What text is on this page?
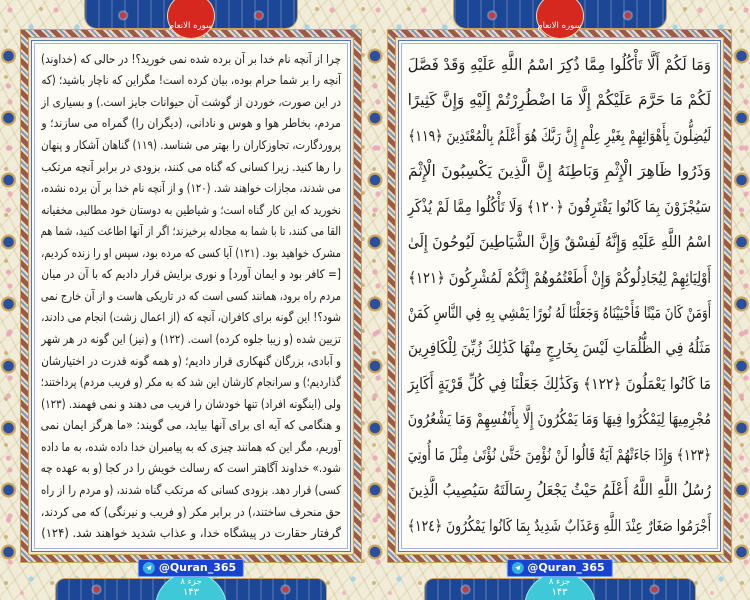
سوره الانعام
چرا از آنچه نام خدا بر آن برده شده نمی خورید؟! در حالی که (خداوند)
آنچه را بر شما حرام بوده، بیان کرده است! مگراین که ناچار باشید؛ (که
در این صورت، خوردن از گوشت آن حیوانات جایز است.) و بسیاری از
مردم، بخاطر هوا و هوس و نادانی، (دیگران را) گمراه می سازند؛ و
پروردگارت، تجاوزکاران را بهتر می شناسد. (۱۱۹) گناهان آشکار و پنهان
را رها کنید. زیرا کسانی که گناه می کنند، بزودی در برابر آنچه مرتکب
می شدند، مجازات خواهند شد. (۱۲۰) و از آنچه نام خدا بر آن برده نشده،
نخورید که این کار گناه است؛ و شیاطین به دوستان خود مطالبی مخفیانه
القا می کنند، تا با شما به مجادله برخیزند؛ اگر از آنها اطاعت کنید، شما هم
مشرک خواهید بود. (۱۲۱) آیا کسی که مرده بود، سپس او را زنده کردیم،
[= کافر بود و ایمان آورد] و نوری برایش قرار دادیم که با آن در میان
مردم راه برود، همانند کسی است که در تاریکی هاست و از آن خارج نمی
شود؟! این گونه برای کافران، آنچه که (از اعمال زشت) انجام می دادند،
تزیین شده (و زیبا جلوه کرده) است. (۱۲۲) و (نیز) این گونه در هر شهر
و آبادی، بزرگان گنهکاری قرار دادیم؛ (و همه گونه قدرت در اختیارشان
گذاردیم؛) و سرانجام کارشان این شد که به مکر (و فریب مردم) پرداختند؛
ولی (اینگونه افراد) تنها خودشان را فریب می دهند و نمی فهمند. (۱۲۳)
و هنگامی که آیه ای برای آنها بیاید، می گویند: «ما هرگز ایمان نمی
آوریم، مگر این که همانند چیزی که به پیامبران خدا داده شده، به ما داده
شود.» خداوند آگاهتر است که رسالت خویش را در کجا (و به عهده چه
کسی) قرار دهد. بزودی کسانی که مرتکب گناه شدند، (و مردم را از راه
حق منحرف ساختند،) در برابر مکر (و فریب و نیرنگی) که می کردند،
گرفتار حقارت در پیشگاه خدا، و عذاب شدید خواهند شد. (۱۲۴)
@Quran_365
جزء ۸
۱۴۳
سوره الانعام
وَمَا لَكُمْ أَلَّا تَأْكُلُوا مِمَّا ذُكِرَ اسْمُ اللَّهِ عَلَيْهِ وَقَدْ فَصَّلَ
لَكُمْ مَا حَرَّمَ عَلَيْكُمْ إِلَّا مَا اضْطُرِرْتُمْ إِلَيْهِ وَإِنَّ كَثِيرًا
لَيُضِلُّونَ بِأَهْوَائِهِمْ بِغَيْرِ عِلْمٍ إِنَّ رَبَّكَ هُوَ أَعْلَمُ بِالْمُعْتَدِينَ ﴿١١٩﴾
وَذَرُوا ظَاهِرَ الْإِثْمِ وَبَاطِنَهُ إِنَّ الَّذِينَ يَكْسِبُونَ الْإِثْمَ
سَيُجْزَوْنَ بِمَا كَانُوا يَقْتَرِفُونَ ﴿١٢٠﴾ وَلَا تَأْكُلُوا مِمَّا لَمْ يُذْكَرِ
اسْمُ اللَّهِ عَلَيْهِ وَإِنَّهُ لَفِسْقٌ وَإِنَّ الشَّيَاطِينَ لَيُوحُونَ إِلَىٰ
أَوْلِيَائِهِمْ لِيُجَادِلُوكُمْ وَإِنْ أَطَعْتُمُوهُمْ إِنَّكُمْ لَمُشْرِكُونَ ﴿١٢١﴾
أَوَمَنْ كَانَ مَيْتًا فَأَحْيَيْنَاهُ وَجَعَلْنَا لَهُ نُورًا يَمْشِي بِهِ فِي النَّاسِ كَمَنْ
مَثَلُهُ فِي الظُّلُمَاتِ لَيْسَ بِخَارِجٍ مِنْهَا كَذَٰلِكَ زُيِّنَ لِلْكَافِرِينَ
مَا كَانُوا يَعْمَلُونَ ﴿١٢٢﴾ وَكَذَٰلِكَ جَعَلْنَا فِي كُلِّ قَرْيَةٍ أَكَابِرَ
مُجْرِمِيهَا لِيَمْكُرُوا فِيهَا وَمَا يَمْكُرُونَ إِلَّا بِأَنْفُسِهِمْ وَمَا يَشْعُرُونَ
﴿١٢٣﴾ وَإِذَا جَاءَتْهُمْ آيَةٌ قَالُوا لَنْ نُؤْمِنَ حَتَّىٰ نُؤْتَىٰ مِثْلَ مَا أُوتِيَ
رُسُلُ اللَّهِ اللَّهُ أَعْلَمُ حَيْثُ يَجْعَلُ رِسَالَتَهُ سَيُصِيبُ الَّذِينَ
أَجْرَمُوا صَغَارٌ عِنْدَ اللَّهِ وَعَذَابٌ شَدِيدٌ بِمَا كَانُوا يَمْكُرُونَ ﴿١٢٤﴾
@Quran_365
جزء ۸
۱۴۳
